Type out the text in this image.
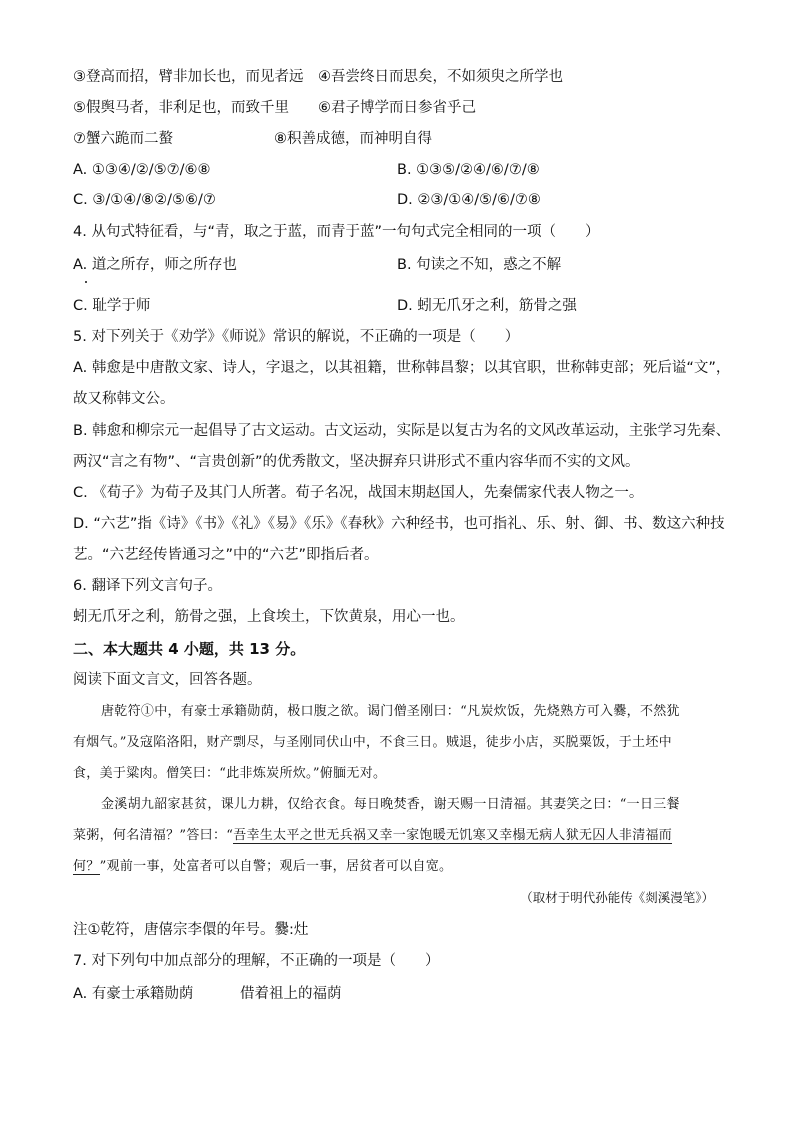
③登高而招，臂非加长也，而见者远　④吾尝终日而思矣，不如须臾之所学也
⑤假舆马者，非利足也，而致千里　　⑥君子博学而日参省乎己
⑦蟹六跪而二螯	⑧积善成德，而神明自得
A. ①③④/②/⑤⑦/⑥⑧	B. ①③⑤/②④/⑥/⑦/⑧
C. ③/①④/⑧②/⑤⑥/⑦	D. ②③/①④/⑤/⑥/⑦⑧
4. 从句式特征看，与“青，取之于蓝，而青于蓝”一句句式完全相同的一项（　　）
A. 道之所存，师之所存也	B. 句读之不知，惑之不解
C. 耻学于师	D. 蚓无爪牙之利，筋骨之强
5. 对下列关于《劝学》《师说》常识的解说，不正确的一项是（　　）
A. 韩愈是中唐散文家、诗人，字退之，以其祖籍，世称韩昌黎；以其官职，世称韩吏部；死后谥“文”，
故又称韩文公。
B. 韩愈和柳宗元一起倡导了古文运动。古文运动，实际是以复古为名的文风改革运动，主张学习先秦、
两汉“言之有物”、“言贵创新”的优秀散文，坚决摒弃只讲形式不重内容华而不实的文风。
C. 《荀子》为荀子及其门人所著。荀子名况，战国末期赵国人，先秦儒家代表人物之一。
D. “六艺”指《诗》《书》《礼》《易》《乐》《春秋》六种经书，也可指礼、乐、射、御、书、数这六种技
艺。“六艺经传皆通习之”中的“六艺”即指后者。
6. 翻译下列文言句子。
蚓无爪牙之利，筋骨之强，上食埃土，下饮黄泉，用心一也。
二、本大题共 4 小题，共 13 分。
阅读下面文言文，回答各题。
唐乾符①中，有豪士承籍勋荫，极口腹之欲。谒门僧圣刚曰：“凡炭炊饭，先烧熟方可入爨，不然犹
有烟气。”及寇陷洛阳，财产剽尽，与圣刚同伏山中，不食三日。贼退，徒步小店，买脱粟饭，于土坯中
食，美于粱肉。僧笑曰：“此非炼炭所炊。”俯腼无对。
金溪胡九韶家甚贫，课儿力耕，仅给衣食。每日晚焚香，谢天赐一日清福。其妻笑之曰：“一日三餐
菜粥，何名清福？”答曰：“吾幸生太平之世无兵祸又幸一家饱暖无饥寒又幸榻无病人狱无囚人非清福而
何？”观前一事，处富者可以自警；观后一事，居贫者可以自宽。
（取材于明代孙能传《剡溪漫笔》）
注①乾符，唐僖宗李儇的年号。爨:灶
7. 对下列句中加点部分的理解，不正确的一项是（　　）
A. 有豪士承籍勋荫	借着祖上的福荫
